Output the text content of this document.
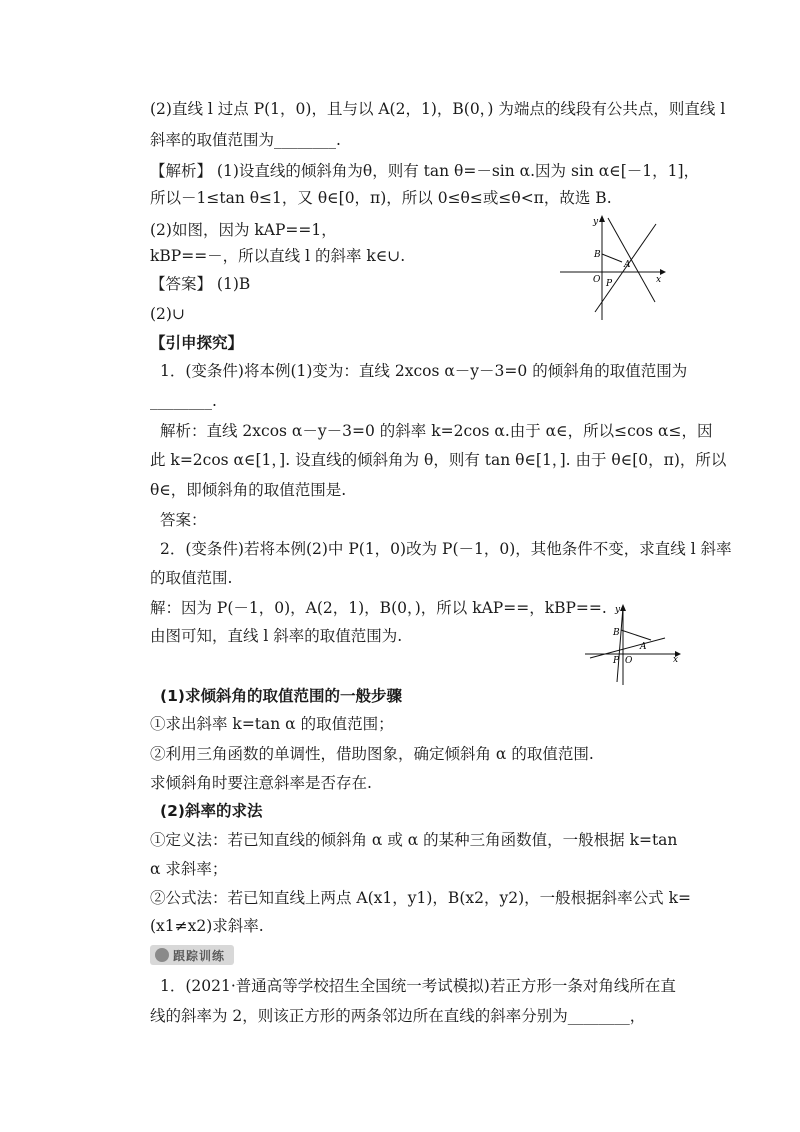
(2)直线 l 过点 P(1，0)，且与以 A(2，1)，B(0，) 为端点的线段有公共点，则直线 l
斜率的取值范围为________.
【解析】 (1)设直线的倾斜角为θ，则有 tan θ=－sin α.因为 sin α∈[－1，1]，
所以－1≤tan θ≤1，又 θ∈[0，π)，所以 0≤θ≤或≤θ<π，故选 B.
(2)如图，因为 kAP==1，
kBP==－，所以直线 l 的斜率 k∈∪.
【答案】 (1)B
(2)∪
【引申探究】
1．(变条件)将本例(1)变为：直线 2xcos α－y－3=0 的倾斜角的取值范围为
________.
解析：直线 2xcos α－y－3=0 的斜率 k=2cos α.由于 α∈，所以≤cos α≤，因
此 k=2cos α∈[1，]. 设直线的倾斜角为 θ，则有 tan θ∈[1，]. 由于 θ∈[0，π)，所以
θ∈，即倾斜角的取值范围是.
答案：
2．(变条件)若将本例(2)中 P(1，0)改为 P(－1，0)，其他条件不变，求直线 l 斜率
的取值范围.
解：因为 P(－1，0)，A(2，1)，B(0，)，所以 kAP==，kBP==.
由图可知，直线 l 斜率的取值范围为.
(1)求倾斜角的取值范围的一般步骤
①求出斜率 k=tan α 的取值范围；
②利用三角函数的单调性，借助图象，确定倾斜角 α 的取值范围.
求倾斜角时要注意斜率是否存在.
(2)斜率的求法
①定义法：若已知直线的倾斜角 α 或 α 的某种三角函数值，一般根据 k=tan
α 求斜率；
②公式法：若已知直线上两点 A(x1，y1)，B(x2，y2)，一般根据斜率公式 k=
(x1≠x2)求斜率.
跟踪训练
1．(2021·普通高等学校招生全国统一考试模拟)若正方形一条对角线所在直
线的斜率为 2，则该正方形的两条邻边所在直线的斜率分别为________，
y
B
A
O P	x
y
B
A
P O	x
